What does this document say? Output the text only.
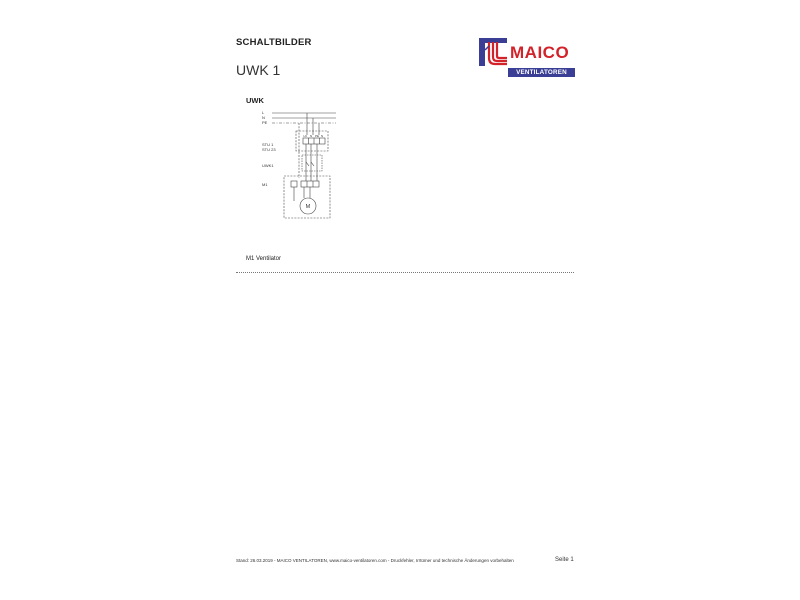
SCHALTBILDER
UWK 1
MAICO
VENTILATOREN
UWK
L
N
PE
STU 1
STU 23
UWK1
M1
LK N PE N
M
M1 Ventilator
Stand: 26.03.2019 - MAICO VENTILATOREN, www.maico-ventilatoren.com - Druckfehler, Irrtümer und technische Änderungen vorbehalten	Seite 1
